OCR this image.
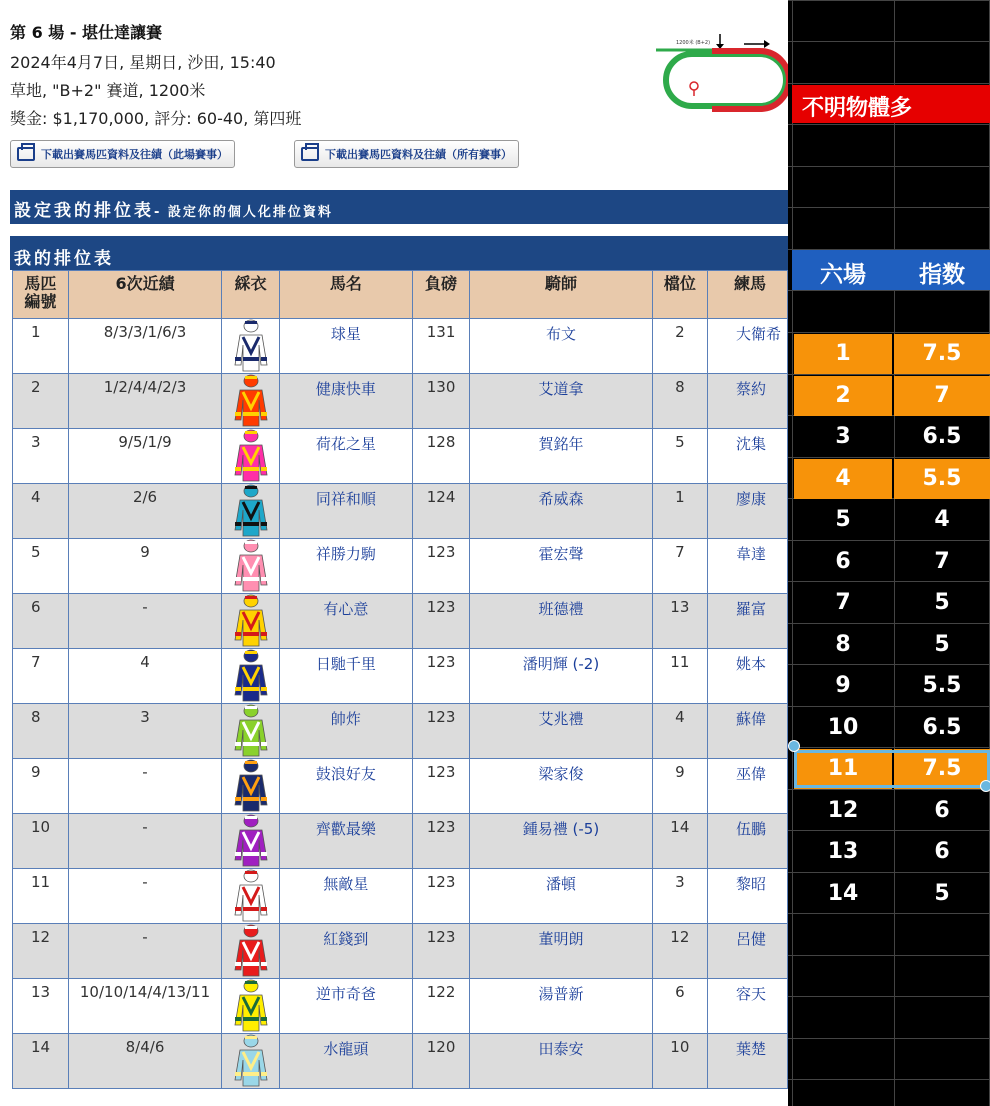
第 6 場 - 堪仕達讓賽
2024年4月7日, 星期日, 沙田, 15:40
草地, "B+2" 賽道, 1200米
獎金: $1,170,000, 評分: 60-40, 第四班
下載出賽馬匹資料及往績（此場賽事）	下載出賽馬匹資料及往績（所有賽事）
1200米 (B+2)
設定我的排位表 - 設定你的個人化排位資料
我的排位表
馬匹
編號	6次近績	綵衣	馬名	負磅	騎師	檔位	練馬
1	8/3/3/1/6/3		球星	131	布文	2	大衛希
2	1/2/4/4/2/3		健康快車	130	艾道拿	8	蔡約
3	9/5/1/9		荷花之星	128	賀銘年	5	沈集
4	2/6		同祥和順	124	希威森	1	廖康
5	9		祥勝力駒	123	霍宏聲	7	韋達
6	-		有心意	123	班德禮	13	羅富
7	4		日馳千里	123	潘明輝 (-2)	11	姚本
8	3		帥炸	123	艾兆禮	4	蘇偉
9	-		鼓浪好友	123	梁家俊	9	巫偉
10	-		齊歡最樂	123	鍾易禮 (-5)	14	伍鵬
11	-		無敵星	123	潘頓	3	黎昭
12	-		紅錢到	123	董明朗	12	呂健
13	10/10/14/4/13/11		逆市奇爸	122	湯普新	6	容天
14	8/4/6		水龍頭	120	田泰安	10	葉楚
不明物體多
六場	指数
1	7.5
2	7
3	6.5
4	5.5
5	4
6	7
7	5
8	5
9	5.5
10	6.5
11	7.5
12	6
13	6
14	5
